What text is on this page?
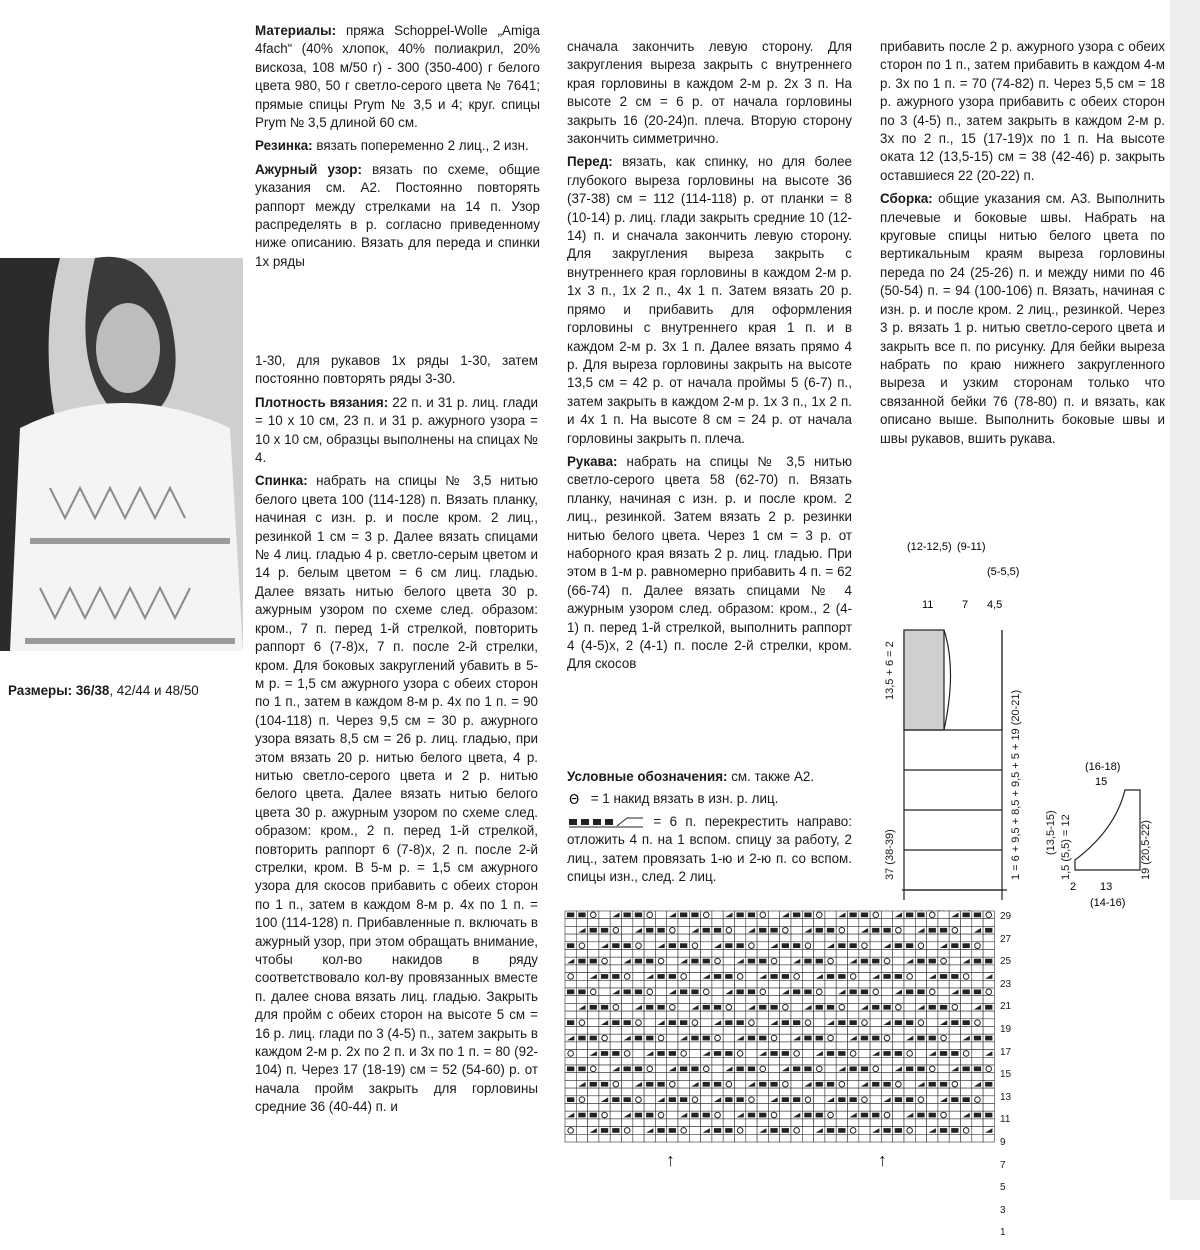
Материалы: пряжа Schoppel-Wolle „Amiga 4fach“ (40% хлопок, 40% полиакрил, 20% вискоза, 108 м/50 г) - 300 (350-400) г белого цвета 980, 50 г светло-серого цвета № 7641; прямые спицы Prym № 3,5 и 4; круг. спицы Prym № 3,5 длиной 60 см.

Резинка: вязать попеременно 2 лиц., 2 изн.

Ажурный узор: вязать по схеме, общие указания см. А2. Постоянно повторять раппорт между стрелками на 14 п. Узор распределять в р. согласно приведенному ниже описанию. Вязать для переда и спинки 1х ряды

Размеры: 36/38, 42/44 и 48/50

1-30, для рукавов 1х ряды 1-30, затем постоянно повторять ряды 3-30.

Плотность вязания: 22 п. и 31 р. лиц. глади = 10 х 10 см, 23 п. и 31 р. ажурного узора = 10 х 10 см, образцы выполнены на спицах № 4.

Спинка: набрать на спицы № 3,5 нитью белого цвета 100 (114-128) п. Вязать планку, начиная с изн. р. и после кром. 2 лиц., резинкой 1 см = 3 р. Далее вязать спицами № 4 лиц. гладью 4 р. светло-серым цветом и 14 р. белым цветом = 6 см лиц. гладью. Далее вязать нитью белого цвета 30 р. ажурным узором по схеме след. образом: кром., 7 п. перед 1-й стрелкой, повторить раппорт 6 (7-8)х, 7 п. после 2-й стрелки, кром. Для боковых закруглений убавить в 5-м р. = 1,5 см ажурного узора с обеих сторон по 1 п., затем в каждом 8-м р. 4х по 1 п. = 90 (104-118) п. Через 9,5 см = 30 р. ажурного узора вязать 8,5 см = 26 р. лиц. гладью, при этом вязать 20 р. нитью белого цвета, 4 р. нитью светло-серого цвета и 2 р. нитью белого цвета. Далее вязать нитью белого цвета 30 р. ажурным узором по схеме след. образом: кром., 2 п. перед 1-й стрелкой, повторить раппорт 6 (7-8)х, 2 п. после 2-й стрелки, кром. В 5-м р. = 1,5 см ажурного узора для скосов прибавить с обеих сторон по 1 п., затем в каждом 8-м р. 4х по 1 п. = 100 (114-128) п. Прибавленные п. включать в ажурный узор, при этом обращать внимание, чтобы кол-во накидов в ряду соответствовало кол-ву провязанных вместе п. далее снова вязать лиц. гладью. Закрыть для пройм с обеих сторон на высоте 5 см = 16 р. лиц. глади по 3 (4-5) п., затем закрыть в каждом 2-м р. 2х по 2 п. и 3х по 1 п. = 80 (92-104) п. Через 17 (18-19) см = 52 (54-60) р. от начала пройм закрыть для горловины средние 36 (40-44) п. и

сначала закончить левую сторону. Для закругления выреза закрыть с внутреннего края горловины в каждом 2-м р. 2х 3 п. На высоте 2 см = 6 р. от начала горловины закрыть 16 (20-24)п. плеча. Вторую сторону закончить симметрично.

Перед: вязать, как спинку, но для более глубокого выреза горловины на высоте 36 (37-38) см = 112 (114-118) р. от планки = 8 (10-14) р. лиц. глади закрыть средние 10 (12-14) п. и сначала закончить левую сторону. Для закругления выреза закрыть с внутреннего края горловины в каждом 2-м р. 1х 3 п., 1х 2 п., 4х 1 п. Затем вязать 20 р. прямо и прибавить для оформления горловины с внутреннего края 1 п. и в каждом 2-м р. 3х 1 п. Далее вязать прямо 4 р. Для выреза горловины закрыть на высоте 13,5 см = 42 р. от начала проймы 5 (6-7) п., затем закрыть в каждом 2-м р. 1х 3 п., 1х 2 п. и 4х 1 п. На высоте 8 см = 24 р. от начала горловины закрыть п. плеча.

Рукава: набрать на спицы № 3,5 нитью светло-серого цвета 58 (62-70) п. Вязать планку, начиная с изн. р. и после кром. 2 лиц., резинкой. Затем вязать 2 р. резинки нитью белого цвета. Через 1 см = 3 р. от наборного края вязать 2 р. лиц. гладью. При этом в 1-м р. равномерно прибавить 4 п. = 62 (66-74) п. Далее вязать спицами № 4 ажурным узором след. образом: кром., 2 (4-1) п. перед 1-й стрелкой, выполнить раппорт 4 (4-5)х, 2 (4-1) п. после 2-й стрелки, кром. Для скосов

прибавить после 2 р. ажурного узора с обеих сторон по 1 п., затем прибавить в каждом 4-м р. 3х по 1 п. = 70 (74-82) п. Через 5,5 см = 18 р. ажурного узора прибавить с обеих сторон по 3 (4-5) п., затем закрыть в каждом 2-м р. 3х по 2 п., 15 (17-19)х по 1 п. На высоте оката 12 (13,5-15) см = 38 (42-46) р. закрыть оставшиеся 22 (20-22) п.

Сборка: общие указания см. А3. Выполнить плечевые и боковые швы. Набрать на круговые спицы нитью белого цвета по вертикальным краям выреза горловины переда по 24 (25-26) п. и между ними по 46 (50-54) п. = 94 (100-106) п. Вязать, начиная с изн. р. и после кром. 2 лиц., резинкой. Через 3 р. вязать 1 р. нитью светло-серого цвета и закрыть все п. по рисунку. Для бейки выреза набрать по краю нижнего закругленного выреза и узким сторонам только что связанной бейки 76 (78-80) п. и вязать, как описано выше. Выполнить боковые швы и швы рукавов, вшить рукава.

Условные обозначения: см. также А2.

Θ = 1 накид вязать в изн. р. лиц.

= 6 п. перекрестить направо: отложить 4 п. на 1 вспом. спицу за работу, 2 лиц., затем провязать 1-ю и 2-ю п. со вспом. спицы изн., след. 2 лиц.

(12-12,5) (9-11)
(5-5,5)
11	7 4,5
13,5 + 6 = 2
37 (38-39)	1 = 6 + 9,5 + 8,5 + 9,5 + 5 + 19 (20-21)	(16-18)
15
2 13
(14-16)
(13,5-15) 1,5 (5,5) = 12	19 (20,5-22)
29
27
25
23
21
19
17
15
13
11
9
7
5
3
1
↑	↑
